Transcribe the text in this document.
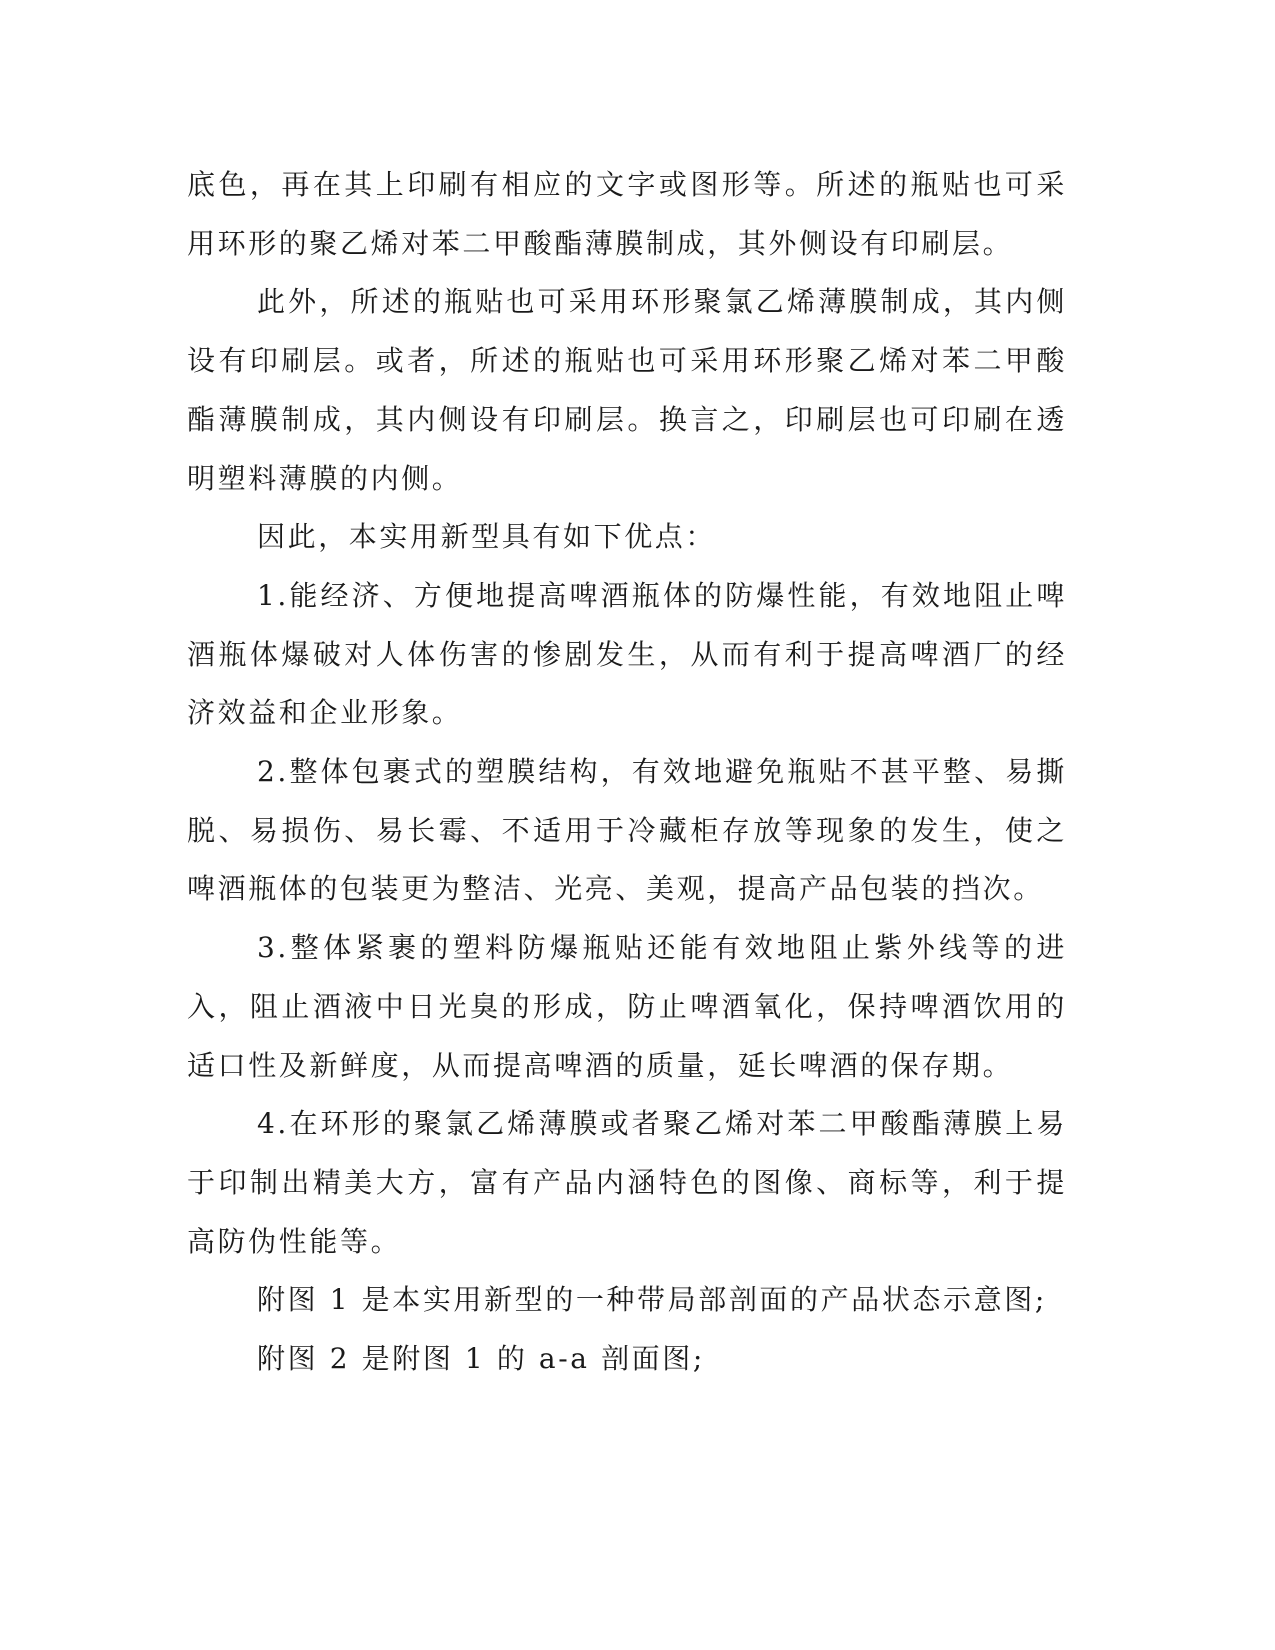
底色，再在其上印刷有相应的文字或图形等。所述的瓶贴也可采用环形的聚乙烯对苯二甲酸酯薄膜制成，其外侧设有印刷层。

此外，所述的瓶贴也可采用环形聚氯乙烯薄膜制成，其内侧设有印刷层。或者，所述的瓶贴也可采用环形聚乙烯对苯二甲酸酯薄膜制成，其内侧设有印刷层。换言之，印刷层也可印刷在透明塑料薄膜的内侧。

因此，本实用新型具有如下优点：

1.能经济、方便地提高啤酒瓶体的防爆性能，有效地阻止啤酒瓶体爆破对人体伤害的惨剧发生，从而有利于提高啤酒厂的经济效益和企业形象。

2.整体包裹式的塑膜结构，有效地避免瓶贴不甚平整、易撕脱、易损伤、易长霉、不适用于冷藏柜存放等现象的发生，使之啤酒瓶体的包装更为整洁、光亮、美观，提高产品包装的挡次。

3.整体紧裹的塑料防爆瓶贴还能有效地阻止紫外线等的进入，阻止酒液中日光臭的形成，防止啤酒氧化，保持啤酒饮用的适口性及新鲜度，从而提高啤酒的质量，延长啤酒的保存期。

4.在环形的聚氯乙烯薄膜或者聚乙烯对苯二甲酸酯薄膜上易于印制出精美大方，富有产品内涵特色的图像、商标等，利于提高防伪性能等。

附图 1 是本实用新型的一种带局部剖面的产品状态示意图;

附图 2 是附图 1 的 a-a 剖面图;
